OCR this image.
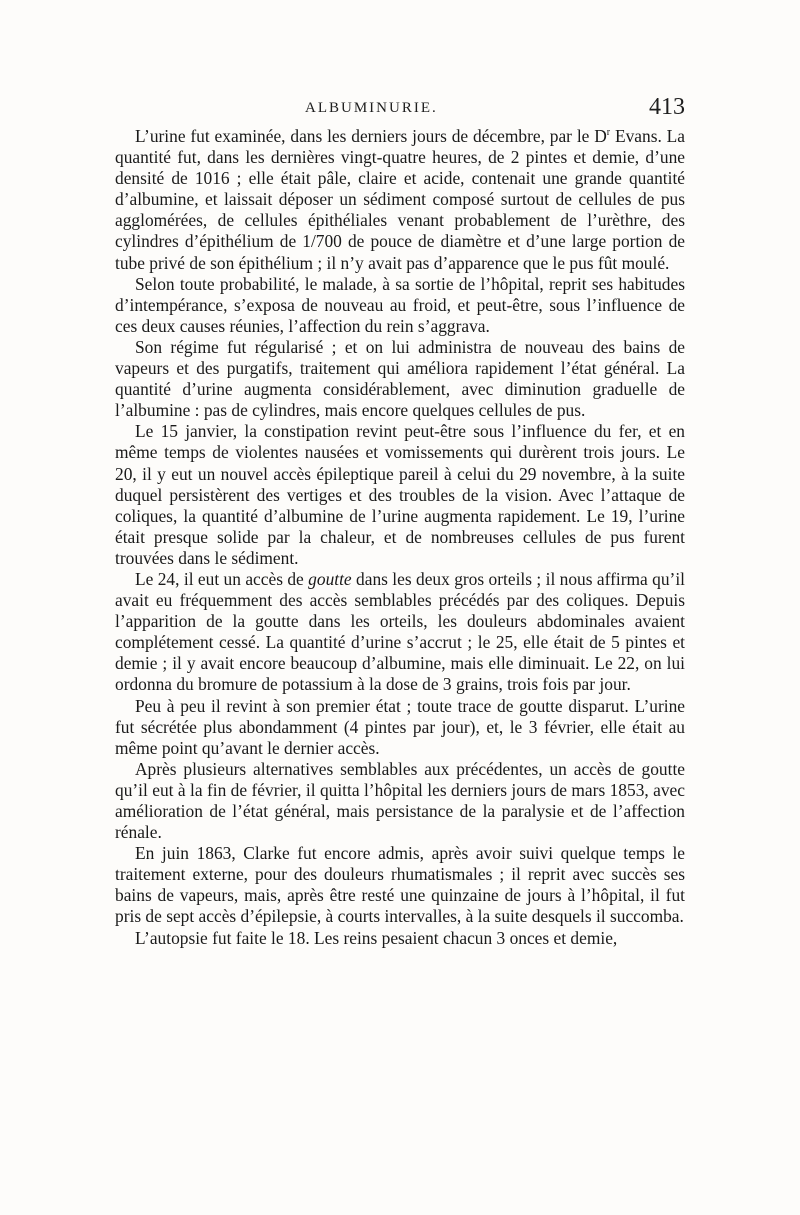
ALBUMINURIE.	413

L’urine fut examinée, dans les derniers jours de décembre, par le $D^r$ Evans. La quantité fut, dans les dernières vingt-quatre heures, de 2 pintes et demie, d’une densité de 1016 ; elle était pâle, claire et acide, contenait une grande quantité d’albumine, et laissait déposer un sédiment composé surtout de cellules de pus agglomérées, de cellules épithéliales venant probablement de l’urèthre, des cylindres d’épithélium de 1/700 de pouce de diamètre et d’une large portion de tube privé de son épithélium ; il n’y avait pas d’apparence que le pus fût moulé.

Selon toute probabilité, le malade, à sa sortie de l’hôpital, reprit ses habitudes d’intempérance, s’exposa de nouveau au froid, et peut-être, sous l’influence de ces deux causes réunies, l’affection du rein s’aggrava.

Son régime fut régularisé ; et on lui administra de nouveau des bains de vapeurs et des purgatifs, traitement qui améliora rapidement l’état général. La quantité d’urine augmenta considérablement, avec diminution graduelle de l’albumine : pas de cylindres, mais encore quelques cellules de pus.

Le 15 janvier, la constipation revint peut-être sous l’influence du fer, et en même temps de violentes nausées et vomissements qui durèrent trois jours. Le 20, il y eut un nouvel accès épileptique pareil à celui du 29 novembre, à la suite duquel persistèrent des vertiges et des troubles de la vision. Avec l’attaque de coliques, la quantité d’albumine de l’urine augmenta rapidement. Le 19, l’urine était presque solide par la chaleur, et de nombreuses cellules de pus furent trouvées dans le sédiment.

Le 24, il eut un accès de goutte dans les deux gros orteils ; il nous affirma qu’il avait eu fréquemment des accès semblables précédés par des coliques. Depuis l’apparition de la goutte dans les orteils, les douleurs abdominales avaient complétement cessé. La quantité d’urine s’accrut ; le 25, elle était de 5 pintes et demie ; il y avait encore beaucoup d’albumine, mais elle diminuait. Le 22, on lui ordonna du bromure de potassium à la dose de 3 grains, trois fois par jour.

Peu à peu il revint à son premier état ; toute trace de goutte disparut. L’urine fut sécrétée plus abondamment (4 pintes par jour), et, le 3 février, elle était au même point qu’avant le dernier accès.

Après plusieurs alternatives semblables aux précédentes, un accès de goutte qu’il eut à la fin de février, il quitta l’hôpital les derniers jours de mars 1853, avec amélioration de l’état général, mais persistance de la paralysie et de l’affection rénale.

En juin 1863, Clarke fut encore admis, après avoir suivi quelque temps le traitement externe, pour des douleurs rhumatismales ; il reprit avec succès ses bains de vapeurs, mais, après être resté une quinzaine de jours à l’hôpital, il fut pris de sept accès d’épilepsie, à courts intervalles, à la suite desquels il succomba.

L’autopsie fut faite le 18. Les reins pesaient chacun 3 onces et demie,
